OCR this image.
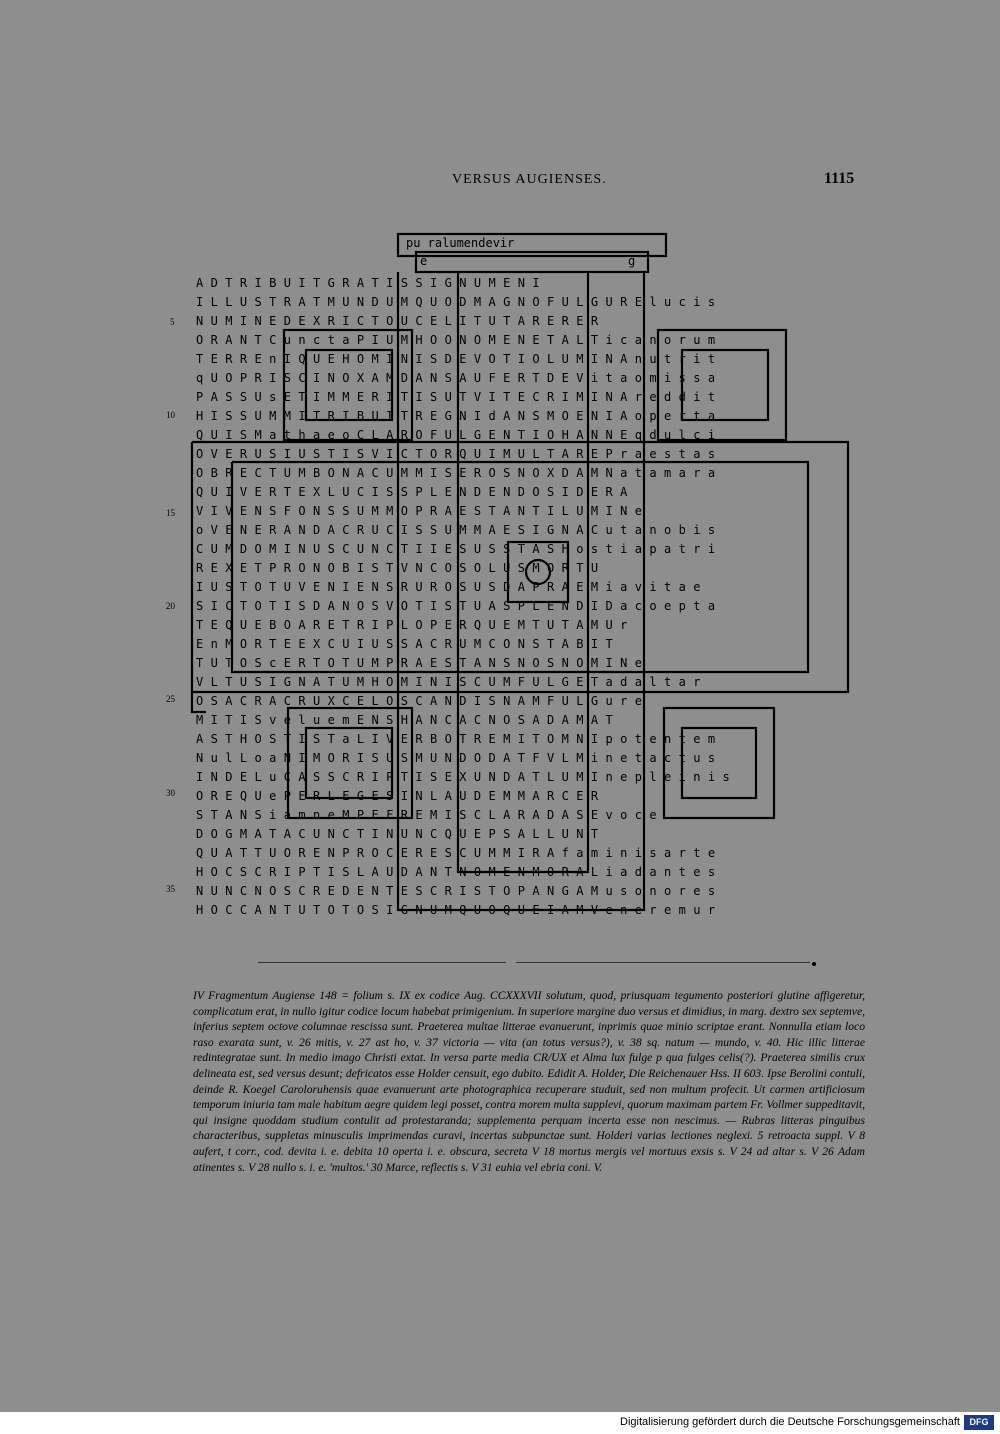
VERSUS AUGIENSES.	1115
pu ralumendevir
e	g
ADTRIBUITGRATISSIGNUMENI
ILLUSTRATMUNDUMQUODMAGNOFULGURElucis
NUMINEDEXRICTOUCELITUTARERER
ORANTCunctaPIUMHOONOMENETALTicanorum
TERREnIQUEHOMINISDEVOTIOLUMINAnutrit
qUOPRISCINOXAMDANSAUFERTDEVitaomissa
PASSUsETIMMERITISUTVITECRIMINAreddit
HISSUMMITRIBUITREGNIdANSMOENIAoperta
QUISMathaeoCLAROFULGENTIOHANNEqdulci
OVERUSIUSTISVICTORQUIMULTAREPraestas
OBRECTUMBONACUMMISEROSNOXDAMNatamara
QUIVERTEXLUCISSPLENDENDOSIDERA
VIVENSFONSSUMMOPRAESTANTILUMINe
oVENERANDACRUCISSUMMAESIGNACutanobis
CUMDOMINUSCUNCTIIESUSSTASHostiapatri
REXETPRONOBISTVNCOSOLUSMORTU
IUSTOTUVENIENSRUROSUSDAPRAEMiavitae
SICTOTISDANOSVOTISTUASPLENDIDacoepta
TEQUEBOARETRIPLOPERQUEMTUTAMUr
EnMORTEEXCUIUSSACRUMCONSTABIT
TUTOScERTOTUMPRAESTANSNOSNOMINe
VLTUSIGNATUMHOMINISCUMFULGETadaltar
OSACRACRUXCELOSCANDISNAMFULGure
MITISveluemENSHANCACNOSADAMAT
ASTHOSTISTaLIVERBOTREMITOMNIpotentem
NulLoaNIMORISUSMUNDODATFVLMinetactus
INDELuCASSCRIPTISEXUNDATLUMInepleinis
OREQUePERLEGESINLAUDEMMARCER
STANSiamneMPEFREMISCLARADASEvoce
DOGMATACUNCTINUNCQUEPSALLUNT
QUATTUORENPROCERESCUMMIRAfaminisarte
HOCSCRIPTISLAUDANTNOMENMORALiadantes
NUNCNOSCREDENTESCRISTOPANGAMusonores
HOCCANTUTOTOSIGNUMQUOQUEIAMVeneremur
5
10
15
20
25
30
35

IV Fragmentum Augiense 148 = folium s. IX ex codice Aug. CCXXXVII solutum, quod, priusquam tegumento posteriori glutine affigeretur, complicatum erat, in nullo igitur codice locum habebat primigenium. In superiore margine duo versus et dimidius, in marg. dextro sex septemve, inferius septem octove columnae rescissa sunt. Praeterea multae litterae evanuerunt, inprimis quae minio scriptae erant. Nonnulla etiam loco raso exarata sunt, v. 26 mitis, v. 27 ast ho, v. 37 victoria — vita (an totus versus?), v. 38 sq. natum — mundo, v. 40. Hic illic litterae redintegratae sunt. In medio imago Christi extat. In versa parte media CR/UX et Alma lux fulge p qua fulges celis(?). Praeterea similis crux delineata est, sed versus desunt; defricatos esse Holder censuit, ego dubito. Edidit A. Holder, Die Reichenauer Hss. II 603. Ipse Berolini contuli, deinde R. Koegel Caroloruhensis quae evanuerunt arte photographica recuperare studuit, sed non multum profecit. Ut carmen artificiosum temporum iniuria tam male habitum aegre quidem legi posset, contra morem multa supplevi, quorum maximam partem Fr. Vollmer suppeditavit, qui insigne quoddam studium contulit ad protestaranda; supplementa perquam incerta esse non nescimus. — Rubras litteras pinguibus characteribus, suppletas minusculis imprimendas curavi, incertas subpunctae sunt. Holderi varias lectiones neglexi. 5 retroacta suppl. V 8 aufert, t corr., cod. devita i. e. debita 10 operta i. e. obscura, secreta V 18 mortus mergis vel mortuus exsis s. V 24 ad altar s. V 26 Adam atinentes s. V 28 nullo s. i. e. 'multos.' 30 Marce, reflectis s. V 31 euhia vel ebria coni. V.

Digitalisierung gefördert durch die Deutsche Forschungsgemeinschaft	DFG
